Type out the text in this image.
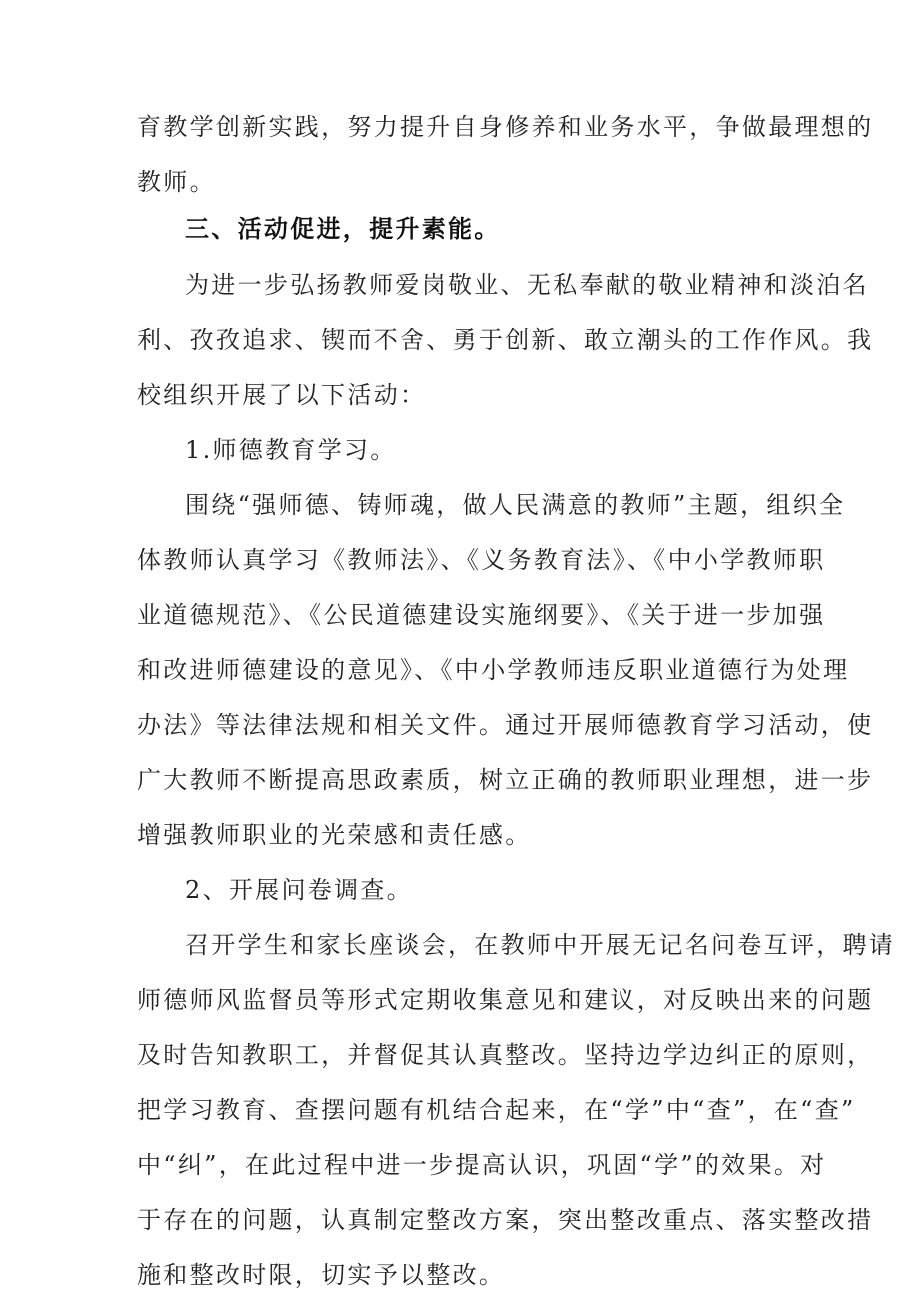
育教学创新实践，努力提升自身修养和业务水平，争做最理想的
教师。
三、活动促进，提升素能。
为进一步弘扬教师爱岗敬业、无私奉献的敬业精神和淡泊名
利、孜孜追求、锲而不舍、勇于创新、敢立潮头的工作作风。我
校组织开展了以下活动：
1.师德教育学习。
围绕“强师德、铸师魂，做人民满意的教师”主题，组织全
体教师认真学习《教师法》、《义务教育法》、《中小学教师职
业道德规范》、《公民道德建设实施纲要》、《关于进一步加强
和改进师德建设的意见》、《中小学教师违反职业道德行为处理
办法》等法律法规和相关文件。通过开展师德教育学习活动，使
广大教师不断提高思政素质，树立正确的教师职业理想，进一步
增强教师职业的光荣感和责任感。
2、开展问卷调查。
召开学生和家长座谈会，在教师中开展无记名问卷互评，聘请
师德师风监督员等形式定期收集意见和建议，对反映出来的问题
及时告知教职工，并督促其认真整改。坚持边学边纠正的原则，
把学习教育、查摆问题有机结合起来，在“学”中“查”，在“查”
中“纠”，在此过程中进一步提高认识，巩固“学”的效果。对
于存在的问题，认真制定整改方案，突出整改重点、落实整改措
施和整改时限，切实予以整改。
